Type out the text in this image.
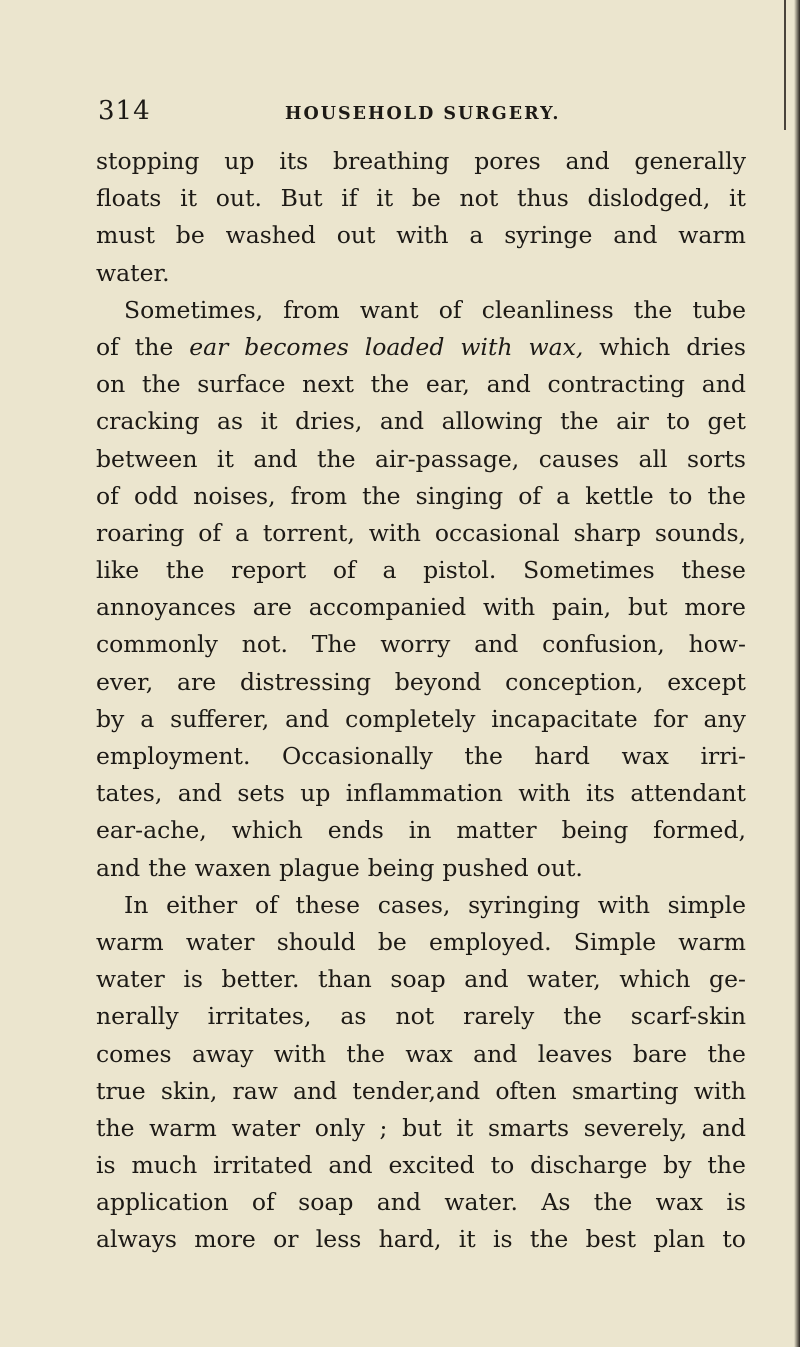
314	HOUSEHOLD SURGERY.
stopping up its breathing pores and generally
floats it out. But if it be not thus dislodged, it
must be washed out with a syringe and warm
water.
Sometimes, from want of cleanliness the tube
of the ear becomes loaded with wax, which dries
on the surface next the ear, and contracting and
cracking as it dries, and allowing the air to get
between it and the air-passage, causes all sorts
of odd noises, from the singing of a kettle to the
roaring of a torrent, with occasional sharp sounds,
like the report of a pistol. Sometimes these
annoyances are accompanied with pain, but more
commonly not. The worry and confusion, how-
ever, are distressing beyond conception, except
by a sufferer, and completely incapacitate for any
employment. Occasionally the hard wax irri-
tates, and sets up inflammation with its attendant
ear-ache, which ends in matter being formed,
and the waxen plague being pushed out.
In either of these cases, syringing with simple
warm water should be employed. Simple warm
water is better. than soap and water, which ge-
nerally irritates, as not rarely the scarf-skin
comes away with the wax and leaves bare the
true skin, raw and tender,and often smarting with
the warm water only ; but it smarts severely, and
is much irritated and excited to discharge by the
application of soap and water. As the wax is
always more or less hard, it is the best plan to
